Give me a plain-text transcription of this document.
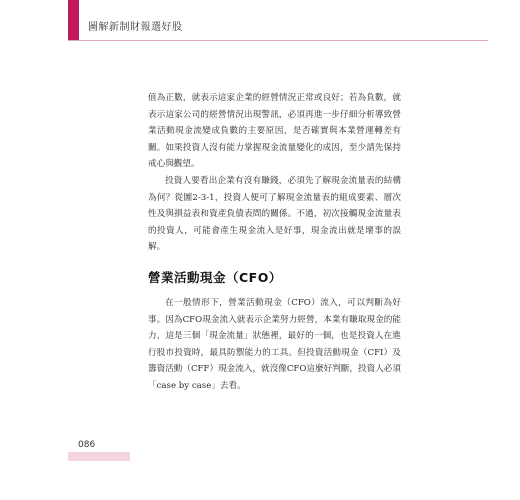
圖解新制財報選好股

值為正數，就表示這家企業的經營情況正常或良好；若為負數，就表示這家公司的經營情況出現警訊，必須再進一步仔細分析導致營業活動現金流變成負數的主要原因，是否確實與本業營運轉差有關。如果投資人沒有能力掌握現金流量變化的成因，至少請先保持戒心與觀望。

投資人要看出企業有沒有賺錢，必須先了解現金流量表的結構為何？從圖2-3-1，投資人便可了解現金流量表的組成要素、層次性及與損益表和資產負債表間的關係。不過，初次接觸現金流量表的投資人，可能會產生現金流入是好事，現金流出就是壞事的誤解。

營業活動現金（CFO）

在一般情形下，營業活動現金（CFO）流入，可以判斷為好事。因為CFO現金流入就表示企業努力經營，本業有賺取現金的能力，這是三個「現金流量」狀態裡，最好的一個，也是投資人在進行股市投資時，最具防禦能力的工具。但投資活動現金（CFI）及籌資活動（CFF）現金流入，就沒像CFO這麼好判斷，投資人必須「case by case」去看。

086
